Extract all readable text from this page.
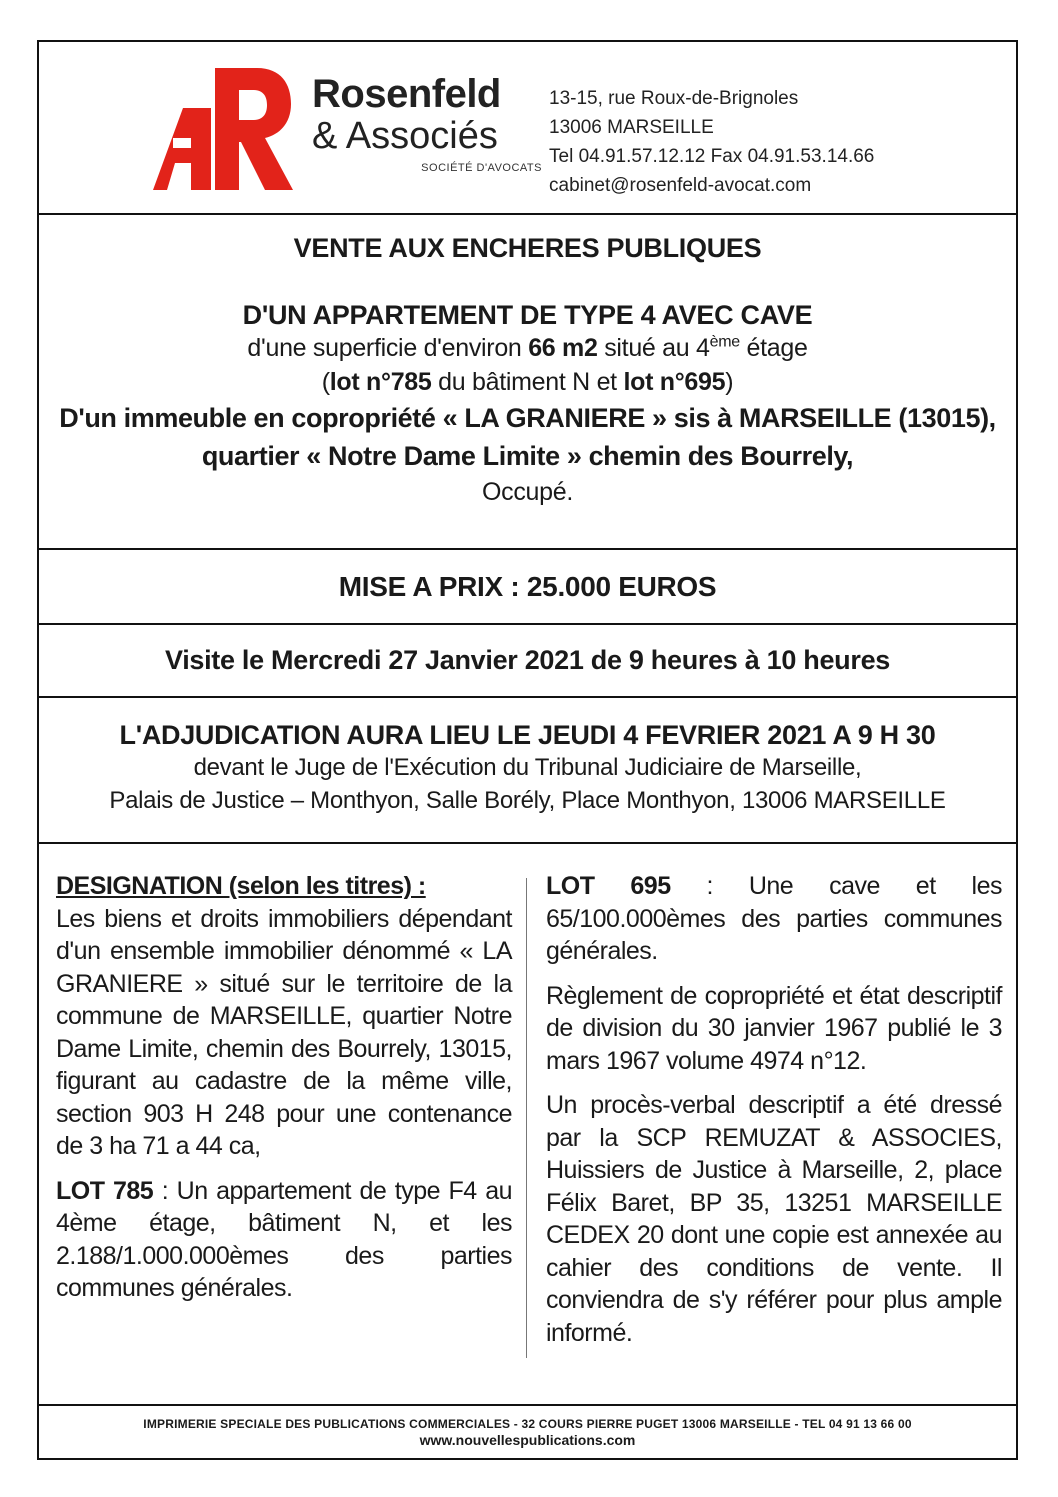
AR
Rosenfeld
& Associés
SOCIÉTÉ D'AVOCATS
13-15, rue Roux-de-Brignoles
13006 MARSEILLE
Tel 04.91.57.12.12 Fax 04.91.53.14.66
cabinet@rosenfeld-avocat.com
VENTE AUX ENCHERES PUBLIQUES
D'UN APPARTEMENT DE TYPE 4 AVEC CAVE
d'une superficie d'environ 66 m2 situé au 4ème étage
(lot n°785 du bâtiment N et lot n°695)
D'un immeuble en copropriété « LA GRANIERE » sis à MARSEILLE (13015),
quartier « Notre Dame Limite » chemin des Bourrely,
Occupé.
MISE A PRIX : 25.000 EUROS
Visite le Mercredi 27 Janvier 2021 de 9 heures à 10 heures
L'ADJUDICATION AURA LIEU LE JEUDI 4 FEVRIER 2021 A 9 H 30
devant le Juge de l'Exécution du Tribunal Judiciaire de Marseille,
Palais de Justice – Monthyon, Salle Borély, Place Monthyon, 13006 MARSEILLE
DESIGNATION (selon les titres) :

Les biens et droits immobiliers dépendant d'un ensemble immobilier dénommé « LA GRANIERE » situé sur le territoire de la commune de MARSEILLE, quartier Notre Dame Limite, chemin des Bourrely, 13015, figurant au cadastre de la même ville, section 903 H 248 pour une contenance de 3 ha 71 a 44 ca,

LOT 785 : Un appartement de type F4 au 4ème étage, bâtiment N, et les 2.188/1.000.000èmes des parties communes générales.

LOT 695 : Une cave et les 65/100.000èmes des parties communes générales.

Règlement de copropriété et état descriptif de division du 30 janvier 1967 publié le 3 mars 1967 volume 4974 n°12.

Un procès-verbal descriptif a été dressé par la SCP REMUZAT & ASSOCIES, Huissiers de Justice à Marseille, 2, place Félix Baret, BP 35, 13251 MARSEILLE CEDEX 20 dont une copie est annexée au cahier des conditions de vente. Il conviendra de s'y référer pour plus ample informé.

IMPRIMERIE SPECIALE DES PUBLICATIONS COMMERCIALES - 32 COURS PIERRE PUGET 13006 MARSEILLE - TEL 04 91 13 66 00
www.nouvellespublications.com
